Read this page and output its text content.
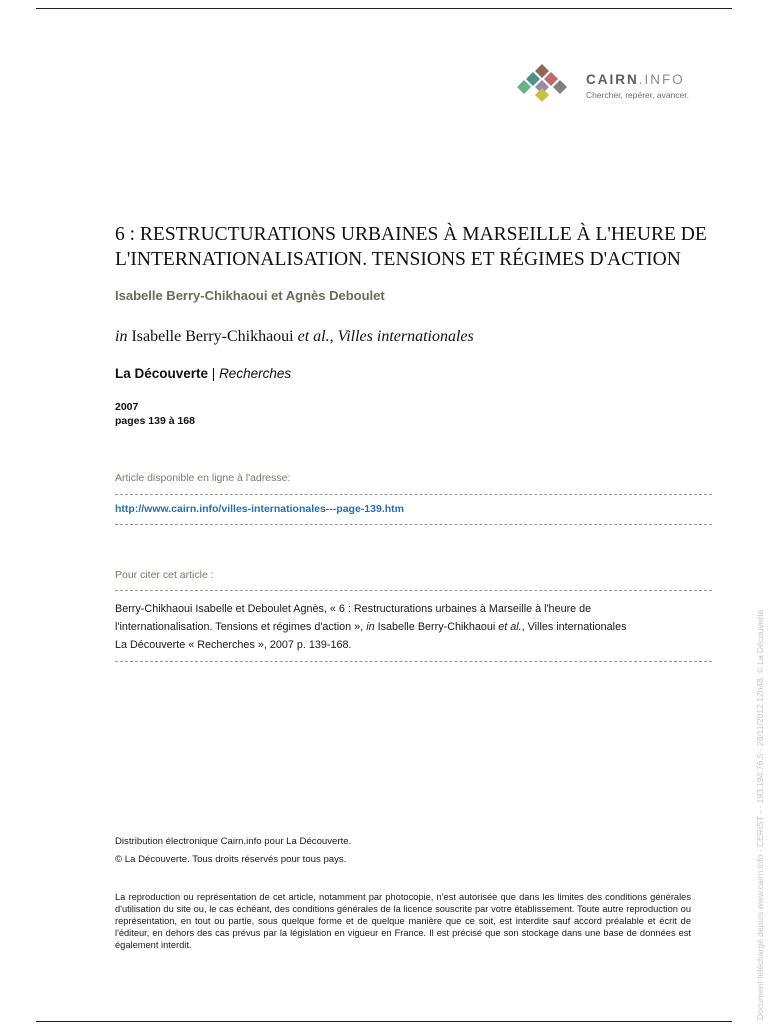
CAIRN.INFO
Chercher, repérer, avancer.
6 : RESTRUCTURATIONS URBAINES À MARSEILLE À L'HEURE DE L'INTERNATIONALISATION. TENSIONS ET RÉGIMES D'ACTION
Isabelle Berry-Chikhaoui et Agnès Deboulet
in Isabelle Berry-Chikhaoui et al., Villes internationales
La Découverte | Recherches
2007
pages 139 à 168
Article disponible en ligne à l'adresse:
http://www.cairn.info/villes-internationales---page-139.htm
Pour citer cet article :
Berry-Chikhaoui Isabelle et Deboulet Agnès, « 6 : Restructurations urbaines à Marseille à l'heure de
l'internationalisation. Tensions et régimes d'action », in Isabelle Berry-Chikhaoui et al., Villes internationales
La Découverte « Recherches », 2007 p. 139-168.
Distribution électronique Cairn.info pour La Découverte.
© La Découverte. Tous droits réservés pour tous pays.
La reproduction ou représentation de cet article, notamment par photocopie, n'est autorisée que dans les limites des conditions générales d'utilisation du site ou, le cas échéant, des conditions générales de la licence souscrite par votre établissement. Toute autre reproduction ou représentation, en tout ou partie, sous quelque forme et de quelque manière que ce soit, est interdite sauf accord préalable et écrit de l'éditeur, en dehors des cas prévus par la législation en vigueur en France. Il est précisé que son stockage dans une base de données est également interdit.	Document téléchargé depuis www.cairn.info - CERIST - - 193.194.76.5 - 28/11/2012 12h48. © La Découverte
